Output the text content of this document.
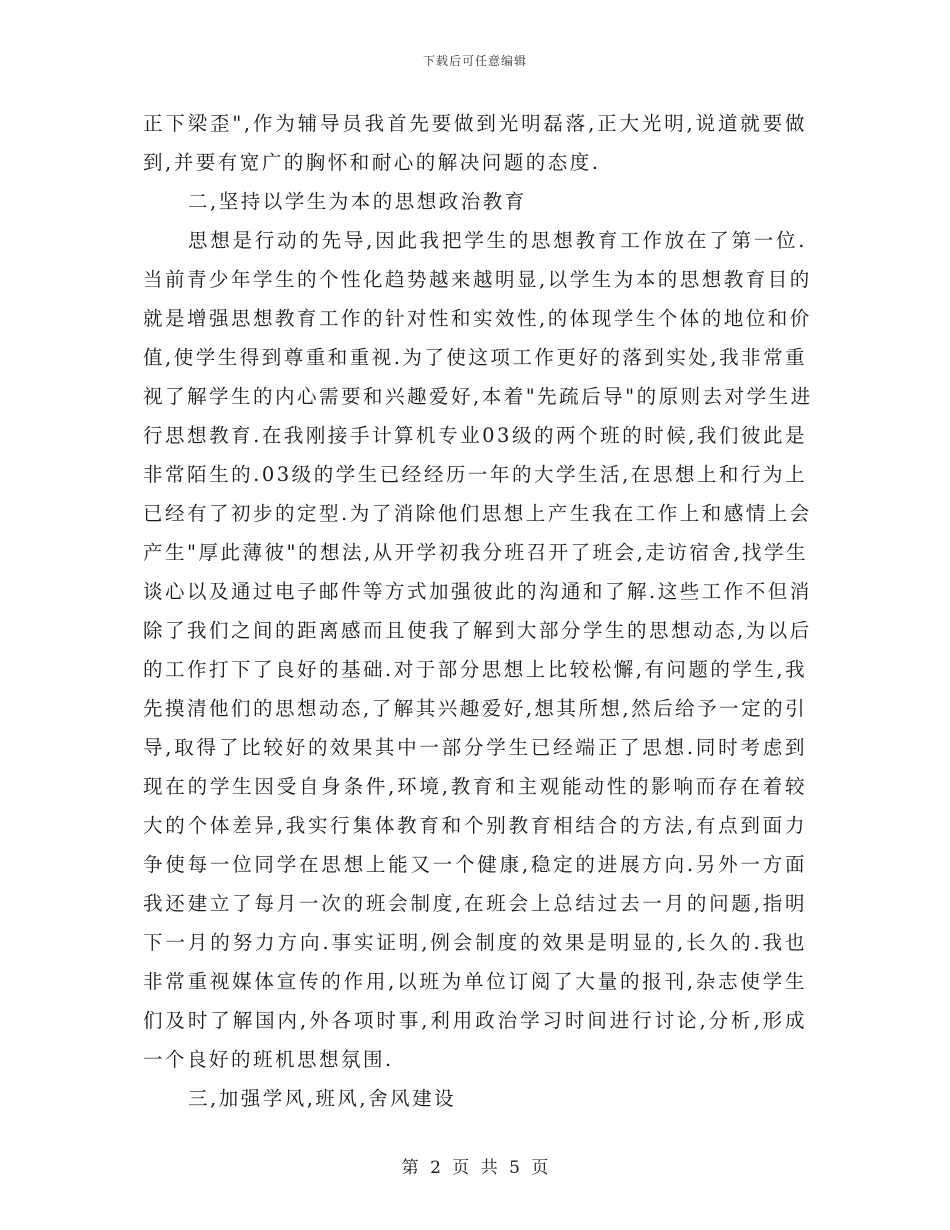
下载后可任意编辑
正下梁歪",作为辅导员我首先要做到光明磊落,正大光明,说道就要做
到,并要有宽广的胸怀和耐心的解决问题的态度.
二,坚持以学生为本的思想政治教育
思想是行动的先导,因此我把学生的思想教育工作放在了第一位.
当前青少年学生的个性化趋势越来越明显,以学生为本的思想教育目的
就是增强思想教育工作的针对性和实效性,的体现学生个体的地位和价
值,使学生得到尊重和重视.为了使这项工作更好的落到实处,我非常重
视了解学生的内心需要和兴趣爱好,本着"先疏后导"的原则去对学生进
行思想教育.在我刚接手计算机专业03级的两个班的时候,我们彼此是
非常陌生的.03级的学生已经经历一年的大学生活,在思想上和行为上
已经有了初步的定型.为了消除他们思想上产生我在工作上和感情上会
产生"厚此薄彼"的想法,从开学初我分班召开了班会,走访宿舍,找学生
谈心以及通过电子邮件等方式加强彼此的沟通和了解.这些工作不但消
除了我们之间的距离感而且使我了解到大部分学生的思想动态,为以后
的工作打下了良好的基础.对于部分思想上比较松懈,有问题的学生,我
先摸清他们的思想动态,了解其兴趣爱好,想其所想,然后给予一定的引
导,取得了比较好的效果其中一部分学生已经端正了思想.同时考虑到
现在的学生因受自身条件,环境,教育和主观能动性的影响而存在着较
大的个体差异,我实行集体教育和个别教育相结合的方法,有点到面力
争使每一位同学在思想上能又一个健康,稳定的进展方向.另外一方面
我还建立了每月一次的班会制度,在班会上总结过去一月的问题,指明
下一月的努力方向.事实证明,例会制度的效果是明显的,长久的.我也
非常重视媒体宣传的作用,以班为单位订阅了大量的报刊,杂志使学生
们及时了解国内,外各项时事,利用政治学习时间进行讨论,分析,形成
一个良好的班机思想氛围.
三,加强学风,班风,舍风建设
第 2 页 共 5 页
